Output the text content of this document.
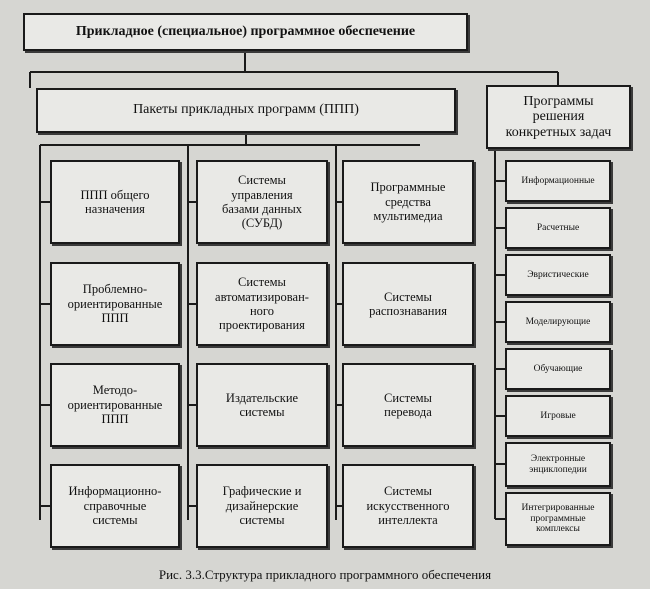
Прикладное (специальное) программное обеспечение
Пакеты прикладных программ (ППП)
Программы
решения
конкретных задач
ППП общего
назначения
Проблемно-
ориентированные
ППП
Методо-
ориентированные
ППП
Информационно-
справочные
системы
Системы
управления
базами данных
(СУБД)
Системы
автоматизирован-
ного
проектирования
Издательские
системы
Графические и
дизайнерские
системы
Программные
средства
мультимедиа
Системы
распознавания
Системы
перевода
Системы
искусственного
интеллекта
Информационные
Расчетные
Эвристические
Моделирующие
Обучающие
Игровые
Электронные
энциклопедии
Интегрированные
программные
комплексы
Рис. 3.3.Структура прикладного программного обеспечения
